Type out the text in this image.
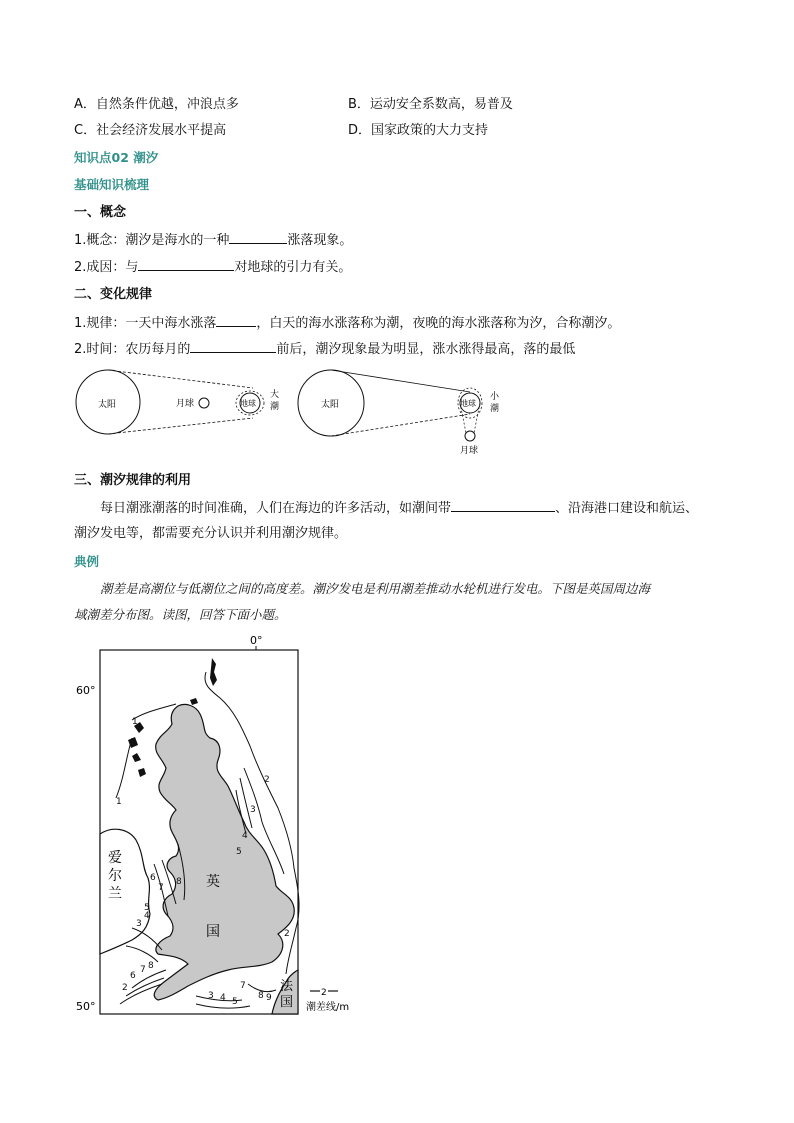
A．自然条件优越，冲浪点多	B．运动安全系数高，易普及
C．社会经济发展水平提高	D．国家政策的大力支持
知识点02 潮汐
基础知识梳理
一、概念
1.概念：潮汐是海水的一种	涨落现象。
2.成因：与	对地球的引力有关。
二、变化规律
1.规律：一天中海水涨落	，白天的海水涨落称为潮，夜晚的海水涨落称为汐，合称潮汐。
2.时间：农历每月的	前后，潮汐现象最为明显，涨水涨得最高，落的最低
太阳	月球	地球
大
潮	太阳	地球
小
潮
月球
三、潮汐规律的利用
每日潮涨潮落的时间准确，人们在海边的许多活动，如潮间带	、沿海港口建设和航运、
潮汐发电等，都需要充分认识并利用潮汐规律。
典例
潮差是高潮位与低潮位之间的高度差。潮汐发电是利用潮差推动水轮机进行发电。下图是英国周边海
域潮差分布图。读图，回答下面小题。
0°
60°
50°
1
1
2
3
4
5
2
6
7
8
5
4
3
6
7 8
3 4 5
7
8 9
2
爱
尔
兰
英
国
法
国
2
潮差线/m
